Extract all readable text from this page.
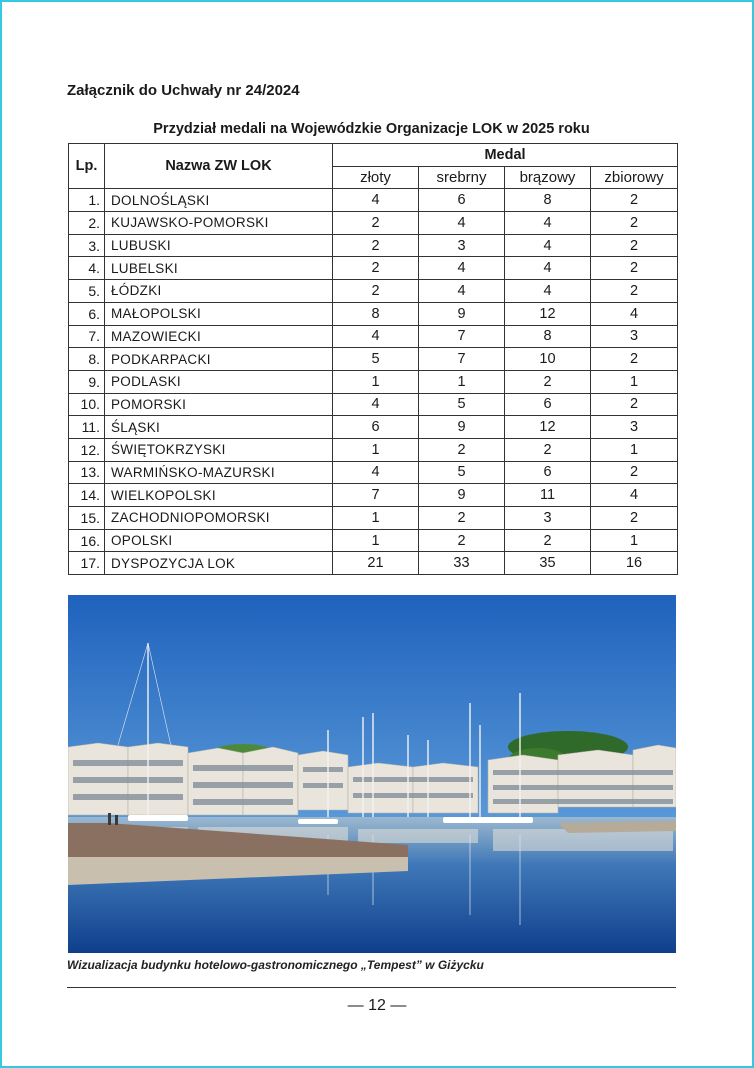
Załącznik do Uchwały nr 24/2024
Przydział medali na Wojewódzkie Organizacje LOK w 2025 roku
Lp.	Nazwa ZW LOK	Medal			
		złoty	srebrny	brązowy	zbiorowy
1.	DOLNOŚLĄSKI	4	6	8	2
2.	KUJAWSKO-POMORSKI	2	4	4	2
3.	LUBUSKI	2	3	4	2
4.	LUBELSKI	2	4	4	2
5.	ŁÓDZKI	2	4	4	2
6.	MAŁOPOLSKI	8	9	12	4
7.	MAZOWIECKI	4	7	8	3
8.	PODKARPACKI	5	7	10	2
9.	PODLASKI	1	1	2	1
10.	POMORSKI	4	5	6	2
11.	ŚLĄSKI	6	9	12	3
12.	ŚWIĘTOKRZYSKI	1	2	2	1
13.	WARMIŃSKO-MAZURSKI	4	5	6	2
14.	WIELKOPOLSKI	7	9	11	4
15.	ZACHODNIOPOMORSKI	1	2	3	2
16.	OPOLSKI	1	2	2	1
17.	DYSPOZYCJA LOK	21	33	35	16
Wizualizacja budynku hotelowo-gastronomicznego „Tempest” w Giżycku
— 12 —
